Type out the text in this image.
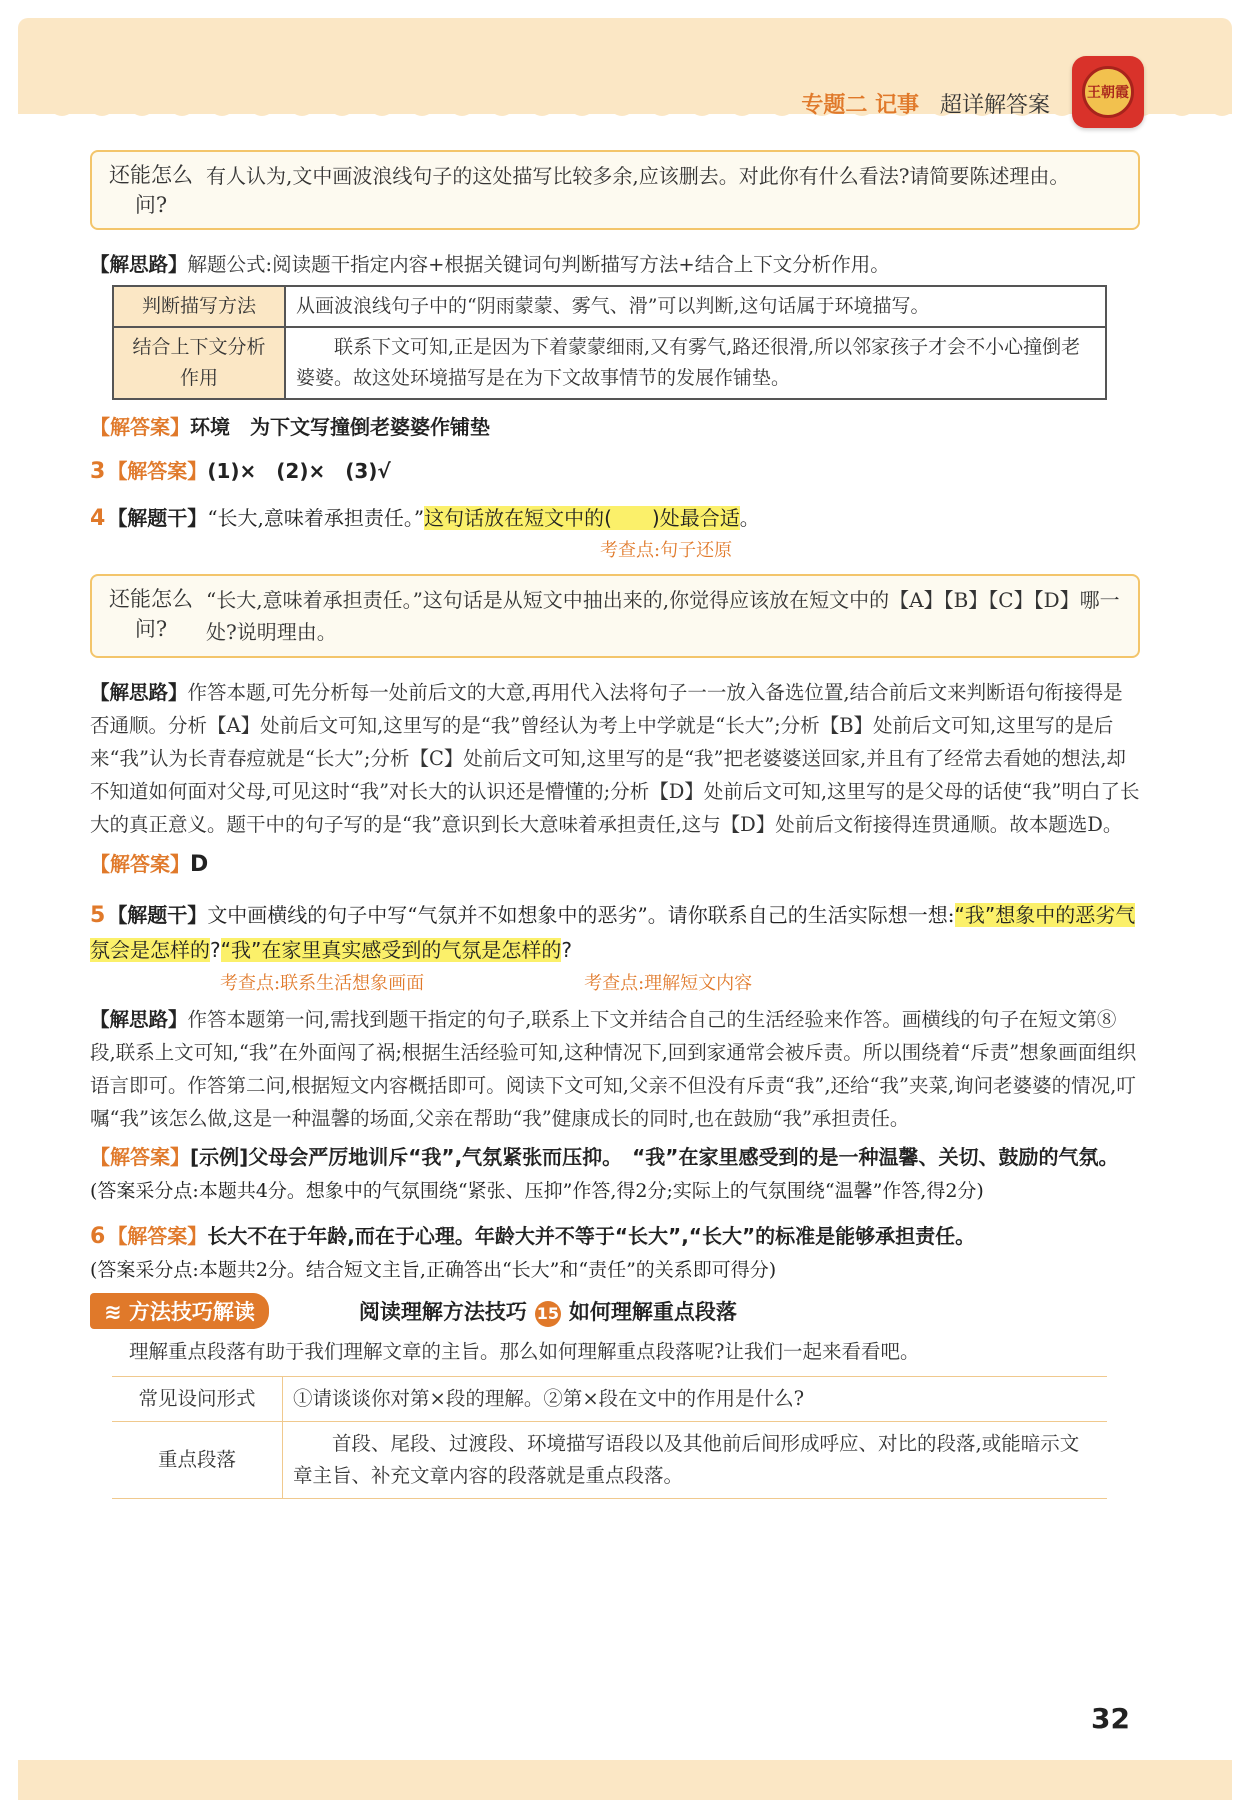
专题二 记事 超详解答案	王朝霞
还能怎么问?
有人认为,文中画波浪线句子的这处描写比较多余,应该删去。对此你有什么看法?请简要陈述理由。
【解思路】解题公式:阅读题干指定内容+根据关键词句判断描写方法+结合上下文分析作用。
判断描写方法	从画波浪线句子中的“阴雨蒙蒙、雾气、滑”可以判断,这句话属于环境描写。
结合上下文分析作用	联系下文可知,正是因为下着蒙蒙细雨,又有雾气,路还很滑,所以邻家孩子才会不小心撞倒老婆婆。故这处环境描写是在为下文故事情节的发展作铺垫。
【解答案】环境　为下文写撞倒老婆婆作铺垫
3 【解答案】(1)×　(2)×　(3)√
4 【解题干】“长大,意味着承担责任。”这句话放在短文中的(　　)处最合适。
考查点:句子还原
还能怎么问?
“长大,意味着承担责任。”这句话是从短文中抽出来的,你觉得应该放在短文中的【A】【B】【C】【D】哪一处?说明理由。
【解思路】作答本题,可先分析每一处前后文的大意,再用代入法将句子一一放入备选位置,结合前后文来判断语句衔接得是否通顺。分析【A】处前后文可知,这里写的是“我”曾经认为考上中学就是“长大”;分析【B】处前后文可知,这里写的是后来“我”认为长青春痘就是“长大”;分析【C】处前后文可知,这里写的是“我”把老婆婆送回家,并且有了经常去看她的想法,却不知道如何面对父母,可见这时“我”对长大的认识还是懵懂的;分析【D】处前后文可知,这里写的是父母的话使“我”明白了长大的真正意义。题干中的句子写的是“我”意识到长大意味着承担责任,这与【D】处前后文衔接得连贯通顺。故本题选D。
【解答案】D
5 【解题干】文中画横线的句子中写“气氛并不如想象中的恶劣”。请你联系自己的生活实际想一想:“我”想象中的恶劣气氛会是怎样的?“我”在家里真实感受到的气氛是怎样的?
考查点:联系生活想象画面	考查点:理解短文内容
【解思路】作答本题第一问,需找到题干指定的句子,联系上下文并结合自己的生活经验来作答。画横线的句子在短文第⑧段,联系上文可知,“我”在外面闯了祸;根据生活经验可知,这种情况下,回到家通常会被斥责。所以围绕着“斥责”想象画面组织语言即可。作答第二问,根据短文内容概括即可。阅读下文可知,父亲不但没有斥责“我”,还给“我”夹菜,询问老婆婆的情况,叮嘱“我”该怎么做,这是一种温馨的场面,父亲在帮助“我”健康成长的同时,也在鼓励“我”承担责任。
【解答案】[示例]父母会严厉地训斥“我”,气氛紧张而压抑。　“我”在家里感受到的是一种温馨、关切、鼓励的气氛。(答案采分点:本题共4分。想象中的气氛围绕“紧张、压抑”作答,得2分;实际上的气氛围绕“温馨”作答,得2分)
6 【解答案】长大不在于年龄,而在于心理。年龄大并不等于“长大”,“长大”的标准是能够承担责任。
(答案采分点:本题共2分。结合短文主旨,正确答出“长大”和“责任”的关系即可得分)
≋ 方法技巧解读	阅读理解方法技巧 15 如何理解重点段落
理解重点段落有助于我们理解文章的主旨。那么如何理解重点段落呢?让我们一起来看看吧。
常见设问形式	①请谈谈你对第×段的理解。②第×段在文中的作用是什么?
重点段落	首段、尾段、过渡段、环境描写语段以及其他前后间形成呼应、对比的段落,或能暗示文章主旨、补充文章内容的段落就是重点段落。
32
